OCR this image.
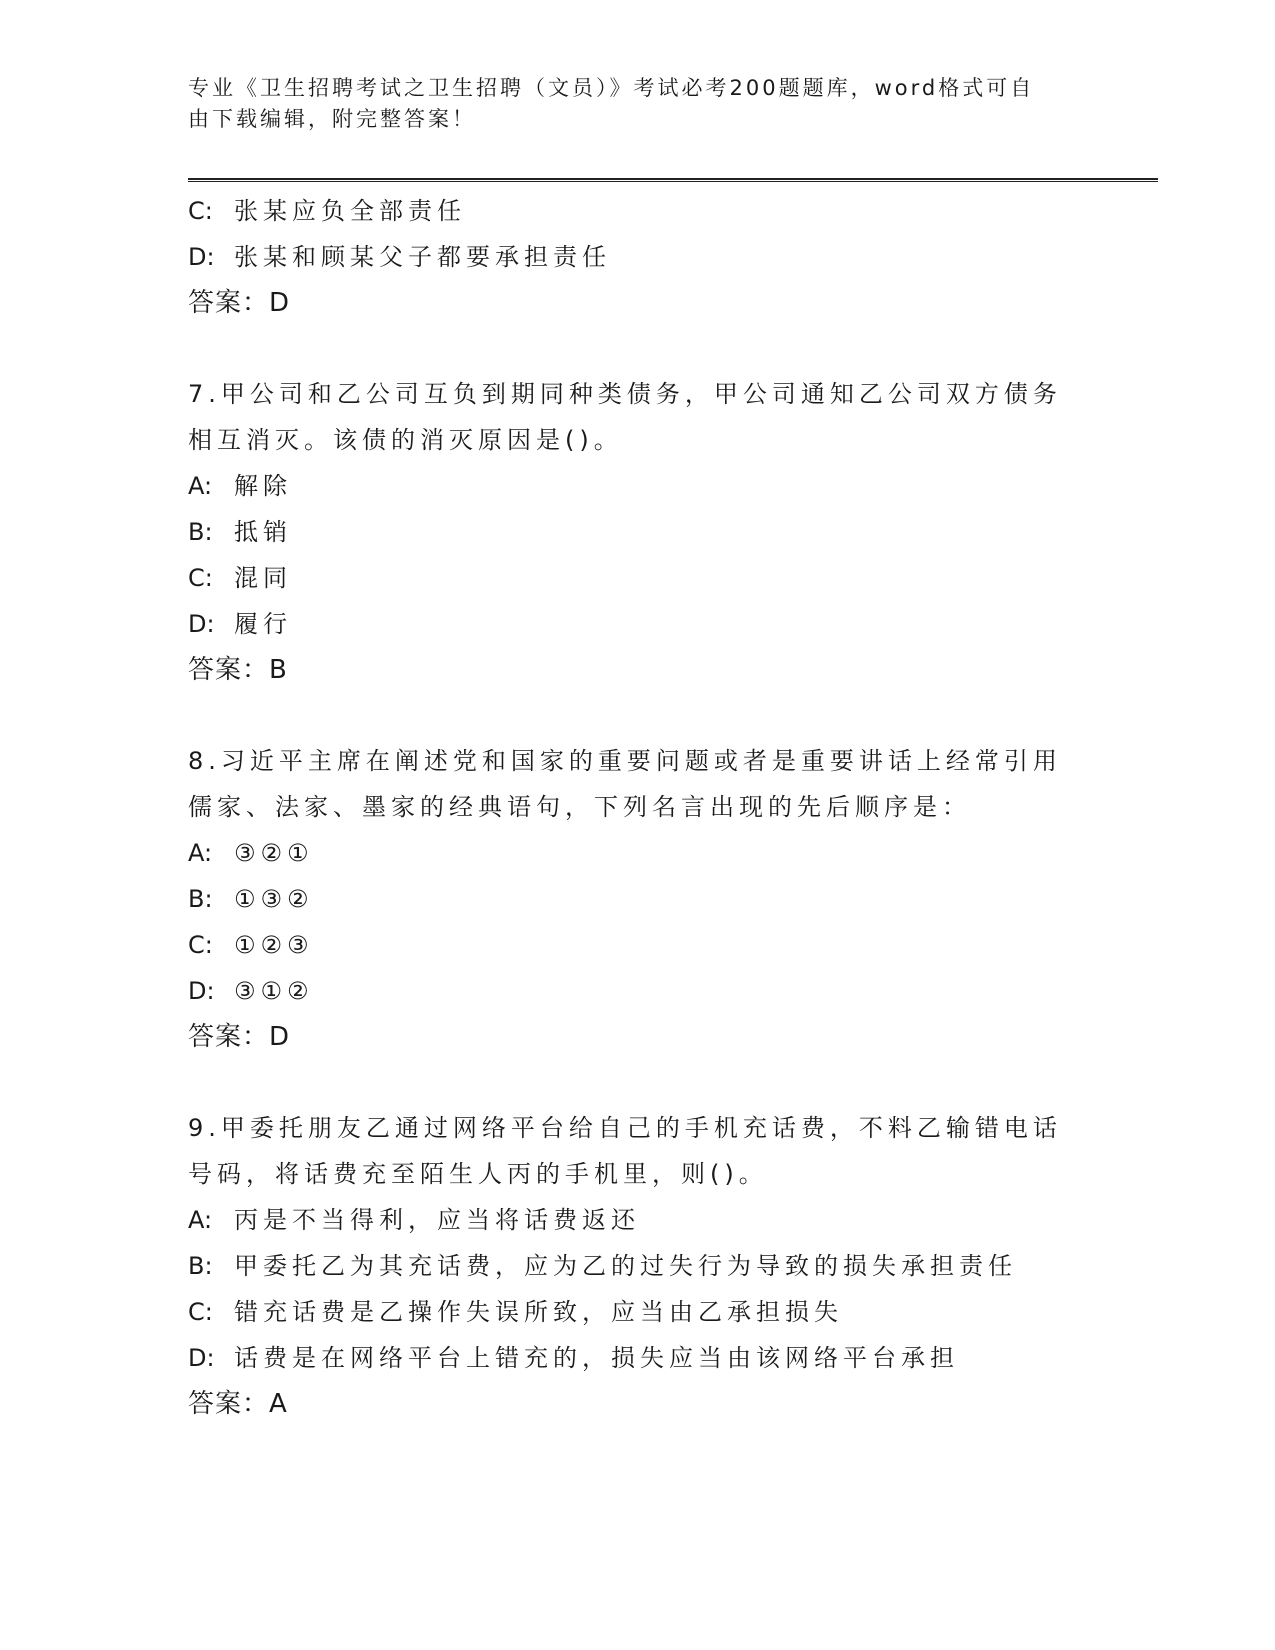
专业《卫生招聘考试之卫生招聘（文员）》考试必考200题题库，word格式可自
由下载编辑，附完整答案！
C: 张某应负全部责任
D: 张某和顾某父子都要承担责任
答案：D
7.甲公司和乙公司互负到期同种类债务，甲公司通知乙公司双方债务
相互消灭。该债的消灭原因是()。
A: 解除
B: 抵销
C: 混同
D: 履行
答案：B
8.习近平主席在阐述党和国家的重要问题或者是重要讲话上经常引用
儒家、法家、墨家的经典语句，下列名言出现的先后顺序是：
A: ③②①
B: ①③②
C: ①②③
D: ③①②
答案：D
9.甲委托朋友乙通过网络平台给自己的手机充话费，不料乙输错电话
号码，将话费充至陌生人丙的手机里，则()。
A: 丙是不当得利，应当将话费返还
B: 甲委托乙为其充话费，应为乙的过失行为导致的损失承担责任
C: 错充话费是乙操作失误所致，应当由乙承担损失
D: 话费是在网络平台上错充的，损失应当由该网络平台承担
答案：A
